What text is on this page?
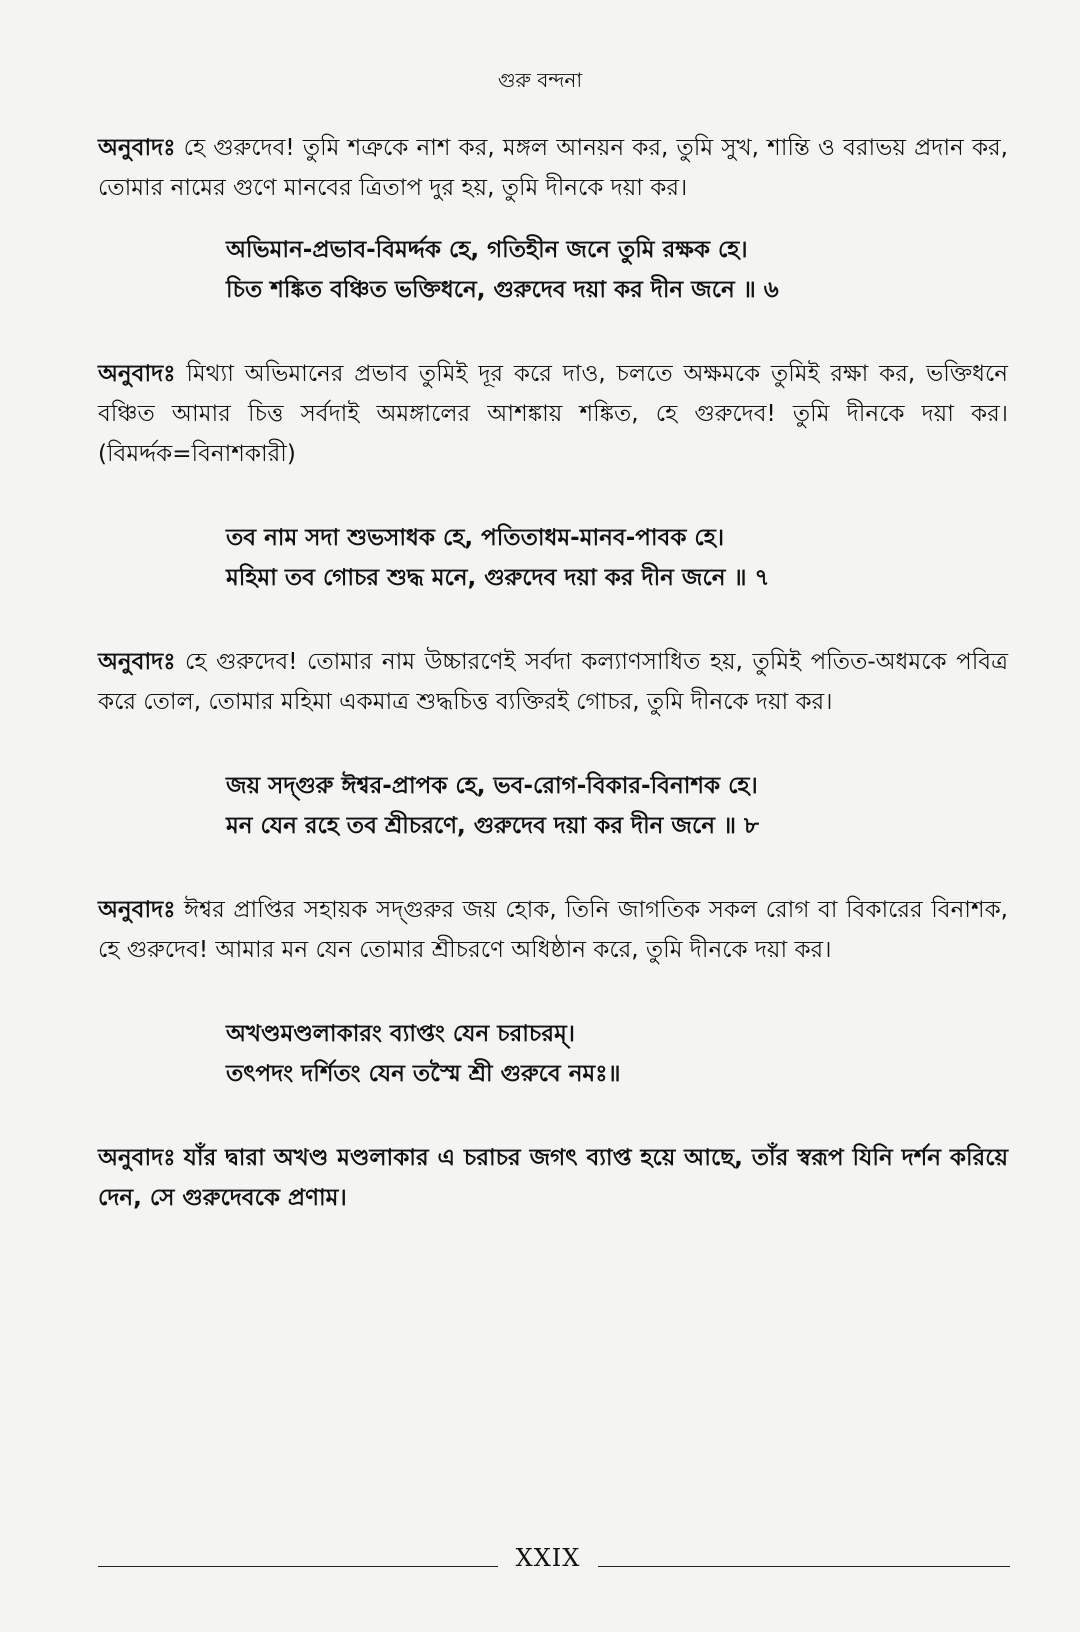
গুরু বন্দনা

অনুবাদঃ হে গুরুদেব! তুমি শত্রুকে নাশ কর, মঙ্গল আনয়ন কর, তুমি সুখ, শান্তি ও বরাভয় প্রদান কর, তোমার নামের গুণে মানবের ত্রিতাপ দুর হয়, তুমি দীনকে দয়া কর।

অভিমান-প্রভাব-বিমর্দ্দক হে, গতিহীন জনে তুমি রক্ষক হে।

চিত শঙ্কিত বঞ্চিত ভক্তিধনে, গুরুদেব দয়া কর দীন জনে ॥ ৬

অনুবাদঃ মিথ্যা অভিমানের প্রভাব তুমিই দূর করে দাও, চলতে অক্ষমকে তুমিই রক্ষা কর, ভক্তিধনে বঞ্চিত আমার চিত্ত সর্বদাই অমঙ্গালের আশঙ্কায় শঙ্কিত, হে গুরুদেব! তুমি দীনকে দয়া কর। (বিমর্দ্দক=বিনাশকারী)

তব নাম সদা শুভসাধক হে, পতিতাধম-মানব-পাবক হে।

মহিমা তব গোচর শুদ্ধ মনে, গুরুদেব দয়া কর দীন জনে ॥ ৭

অনুবাদঃ হে গুরুদেব! তোমার নাম উচ্চারণেই সর্বদা কল্যাণসাধিত হয়, তুমিই পতিত-অধমকে পবিত্র করে তোল, তোমার মহিমা একমাত্র শুদ্ধচিত্ত ব্যক্তিরই গোচর, তুমি দীনকে দয়া কর।

জয় সদ্গুরু ঈশ্বর-প্রাপক হে, ভব-রোগ-বিকার-বিনাশক হে।

মন যেন রহে তব শ্রীচরণে, গুরুদেব দয়া কর দীন জনে ॥ ৮

অনুবাদঃ ঈশ্বর প্রাপ্তির সহায়ক সদ্গুরুর জয় হোক, তিনি জাগতিক সকল রোগ বা বিকারের বিনাশক, হে গুরুদেব! আমার মন যেন তোমার শ্রীচরণে অধিষ্ঠান করে, তুমি দীনকে দয়া কর।

অখণ্ডমণ্ডলাকারং ব্যাপ্তং যেন চরাচরম্।

তৎপদং দর্শিতং যেন তস্মৈ শ্রী গুরুবে নমঃ॥

অনুবাদঃ যাঁর দ্বারা অখণ্ড মণ্ডলাকার এ চরাচর জগৎ ব্যাপ্ত হয়ে আছে, তাঁর স্বরূপ যিনি দর্শন করিয়ে দেন, সে গুরুদেবকে প্রণাম।

XXIX
